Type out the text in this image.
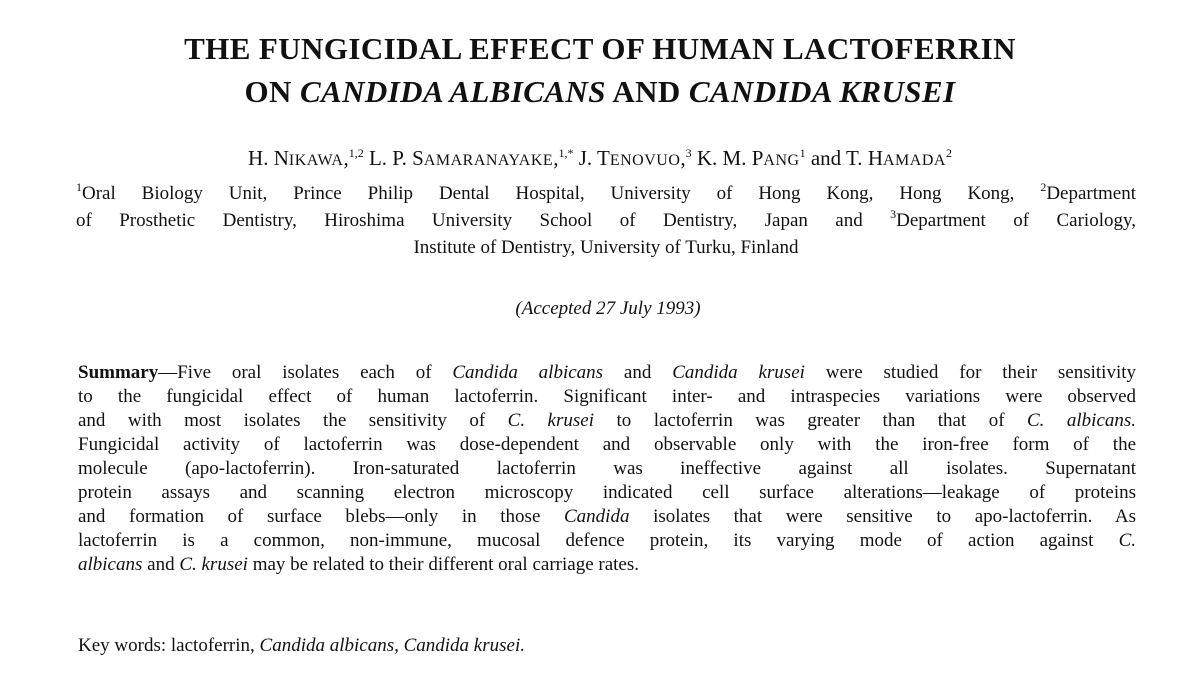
THE FUNGICIDAL EFFECT OF HUMAN LACTOFERRIN
ON CANDIDA ALBICANS AND CANDIDA KRUSEI
H. NIKAWA,$^{1,2}$ L. P. SAMARANAYAKE,$^{1,*}$ J. TENOVUO,$^3$ K. M. PANG$^1$ and T. HAMADA$^2$
$^1$Oral Biology Unit, Prince Philip Dental Hospital, University of Hong Kong, Hong Kong, $^2$Department
of Prosthetic Dentistry, Hiroshima University School of Dentistry, Japan and $^3$Department of Cariology,
Institute of Dentistry, University of Turku, Finland
(Accepted 27 July 1993)
Summary—Five oral isolates each of Candida albicans and Candida krusei were studied for their sensitivity
to the fungicidal effect of human lactoferrin. Significant inter- and intraspecies variations were observed
and with most isolates the sensitivity of C. krusei to lactoferrin was greater than that of C. albicans.
Fungicidal activity of lactoferrin was dose-dependent and observable only with the iron-free form of the
molecule (apo-lactoferrin). Iron-saturated lactoferrin was ineffective against all isolates. Supernatant
protein assays and scanning electron microscopy indicated cell surface alterations—leakage of proteins
and formation of surface blebs—only in those Candida isolates that were sensitive to apo-lactoferrin. As
lactoferrin is a common, non-immune, mucosal defence protein, its varying mode of action against C.
albicans and C. krusei may be related to their different oral carriage rates.
Key words: lactoferrin, Candida albicans, Candida krusei.
